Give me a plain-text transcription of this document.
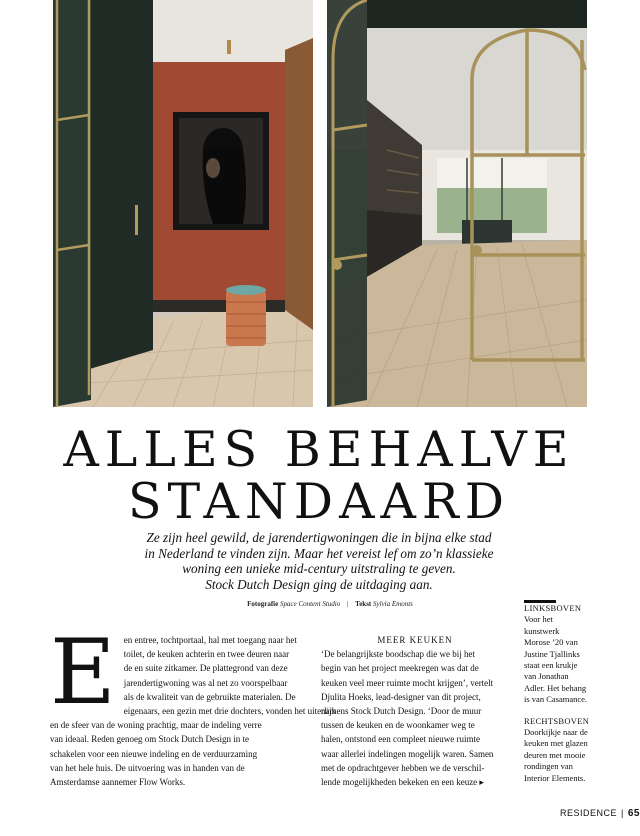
ALLES BEHALVE
STANDAARD
Ze zijn heel gewild, de jarendertigwoningen die in bijna elke stad
in Nederland te vinden zijn. Maar het vereist lef om zo’n klassieke
woning een unieke mid-century uitstraling te geven.
Stock Dutch Design ging de uitdaging aan.
Fotografie Space Content Studio | Tekst Sylvia Emonts
E en entree, tochtportaal, hal met toegang naar het
toilet, de keuken achterin en twee deuren naar
de en suite zitkamer. De plattegrond van deze
jarendertigwoning was al net zo voorspelbaar
als de kwaliteit van de gebruikte materialen. De
eigenaars, een gezin met drie dochters, vonden het uiterlijk
en de sfeer van de woning prachtig, maar de indeling verre
van ideaal. Reden genoeg om Stock Dutch Design in te
schakelen voor een nieuwe indeling en de verduurzaming
van het hele huis. De uitvoering was in handen van de
Amsterdamse aannemer Flow Works.
MEER KEUKEN
‘De belangrijkste boodschap die we bij het
begin van het project meekregen was dat de
keuken veel meer ruimte mocht krijgen’, vertelt
Djulita Hoeks, lead-designer van dit project,
namens Stock Dutch Design. ‘Door de muur
tussen de keuken en de woonkamer weg te
halen, ontstond een compleet nieuwe ruimte
waar allerlei indelingen mogelijk waren. Samen
met de opdrachtgever hebben we de verschil-
lende mogelijkheden bekeken en een keuze ▸
LINKSBOVEN
Voor het
kunstwerk
Morose ’20 van
Justine Tjallinks
staat een krukje
van Jonathan
Adler. Het behang
is van Casamance.
RECHTSBOVEN
Doorkijkje naar de
keuken met glazen
deuren met mooie
rondingen van
Interior Elements.
RESIDENCE | 65
